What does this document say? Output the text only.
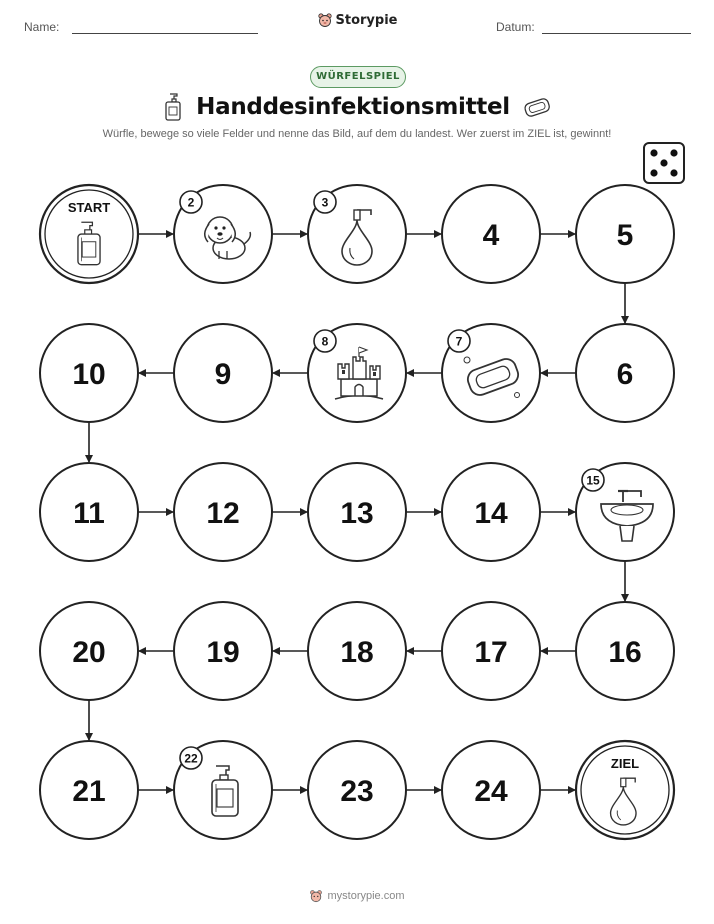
Name:	Storypie	Datum:
WÜRFELSPIEL
Handdesinfektionsmittel
Würfle, bewege so viele Felder und nenne das Bild, auf dem du landest. Wer zuerst im ZIEL ist, gewinnt!
START	2	3
4	5
6
7
8
9
10
11	12	13	14
15
16
17
18
19
20
21
22
23	24
ZIEL
mystorypie.com
